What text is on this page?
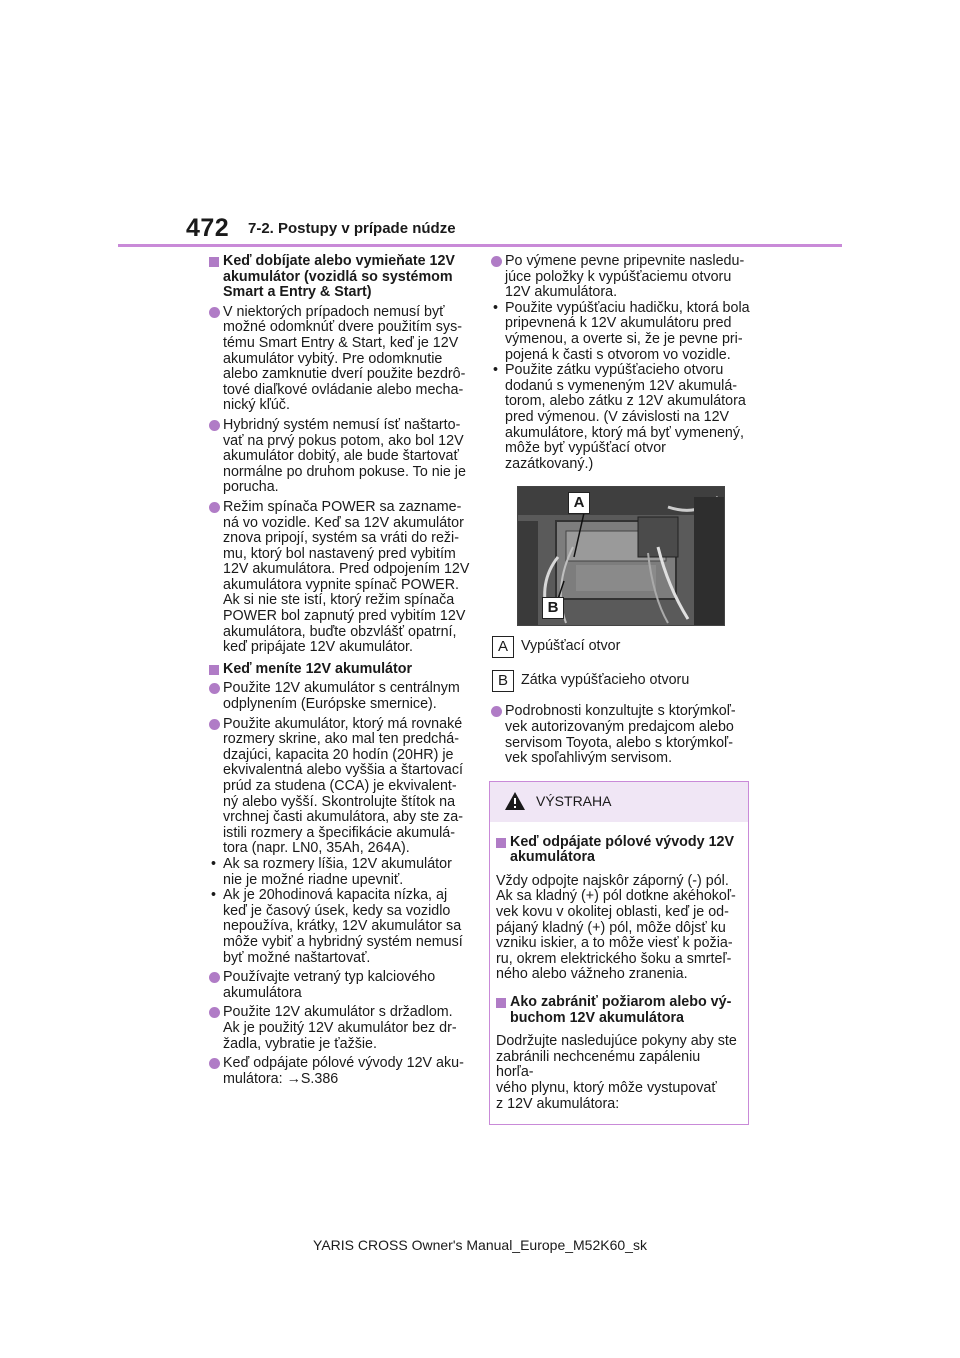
472 7-2. Postupy v prípade núdze
Keď dobíjate alebo vymieňate 12V
akumulátor (vozidlá so systémom
Smart a Entry & Start)
V niektorých prípadoch nemusí byť
možné odomknúť dvere použitím sys-
tému Smart Entry & Start, keď je 12V
akumulátor vybitý. Pre odomknutie
alebo zamknutie dverí použite bezdrô-
tové diaľkové ovládanie alebo mecha-
nický kľúč.
Hybridný systém nemusí ísť naštarto-
vať na prvý pokus potom, ako bol 12V
akumulátor dobitý, ale bude štartovať
normálne po druhom pokuse. To nie je
porucha.
Režim spínača POWER sa zazname-
ná vo vozidle. Keď sa 12V akumulátor
znova pripojí, systém sa vráti do reži-
mu, ktorý bol nastavený pred vybitím
12V akumulátora. Pred odpojením 12V
akumulátora vypnite spínač POWER.
Ak si nie ste istí, ktorý režim spínača
POWER bol zapnutý pred vybitím 12V
akumulátora, buďte obzvlášť opatrní,
keď pripájate 12V akumulátor.
Keď meníte 12V akumulátor
Použite 12V akumulátor s centrálnym
odplynením (Európske smernice).
Použite akumulátor, ktorý má rovnaké
rozmery skrine, ako mal ten predchá-
dzajúci, kapacita 20 hodín (20HR) je
ekvivalentná alebo vyššia a štartovací
prúd za studena (CCA) je ekvivalent-
ný alebo vyšší. Skontrolujte štítok na
vrchnej časti akumulátora, aby ste za-
istili rozmery a špecifikácie akumulá-
tora (napr. LN0, 35Ah, 264A).
• Ak sa rozmery líšia, 12V akumulátor
nie je možné riadne upevniť.
• Ak je 20hodinová kapacita nízka, aj
keď je časový úsek, kedy sa vozidlo
nepoužíva, krátky, 12V akumulátor sa
môže vybiť a hybridný systém nemusí
byť možné naštartovať.
Používajte vetraný typ kalciového
akumulátora
Použite 12V akumulátor s držadlom.
Ak je použitý 12V akumulátor bez dr-
žadla, vybratie je ťažšie.
Keď odpájate pólové vývody 12V aku-
mulátora: →S.386
Po výmene pevne pripevnite nasledu-
júce položky k vypúšťaciemu otvoru
12V akumulátora.
• Použite vypúšťaciu hadičku, ktorá bola
pripevnená k 12V akumulátoru pred
výmenou, a overte si, že je pevne pri-
pojená k časti s otvorom vo vozidle.
• Použite zátku vypúšťacieho otvoru
dodanú s vymeneným 12V akumulá-
torom, alebo zátku z 12V akumulátora
pred výmenou. (V závislosti na 12V
akumulátore, ktorý má byť vymenený,
môže byť vypúšťací otvor zazátkovaný.)
A
B
A Vypúšťací otvor
B Zátka vypúšťacieho otvoru
Podrobnosti konzultujte s ktorýmkoľ-
vek autorizovaným predajcom alebo
servisom Toyota, alebo s ktorýmkoľ-
vek spoľahlivým servisom.
VÝSTRAHA
Keď odpájate pólové vývody 12V
akumulátora
Vždy odpojte najskôr záporný (-) pól.
Ak sa kladný (+) pól dotkne akéhokoľ-
vek kovu v okolitej oblasti, keď je od-
pájaný kladný (+) pól, môže dôjsť ku
vzniku iskier, a to môže viesť k požia-
ru, okrem elektrického šoku a smrteľ-
ného alebo vážneho zranenia.
Ako zabrániť požiarom alebo vý-
buchom 12V akumulátora
Dodržujte nasledujúce pokyny aby ste
zabránili nechcenému zapáleniu horľa-
vého plynu, ktorý môže vystupovať
z 12V akumulátora:
YARIS CROSS Owner's Manual_Europe_M52K60_sk
